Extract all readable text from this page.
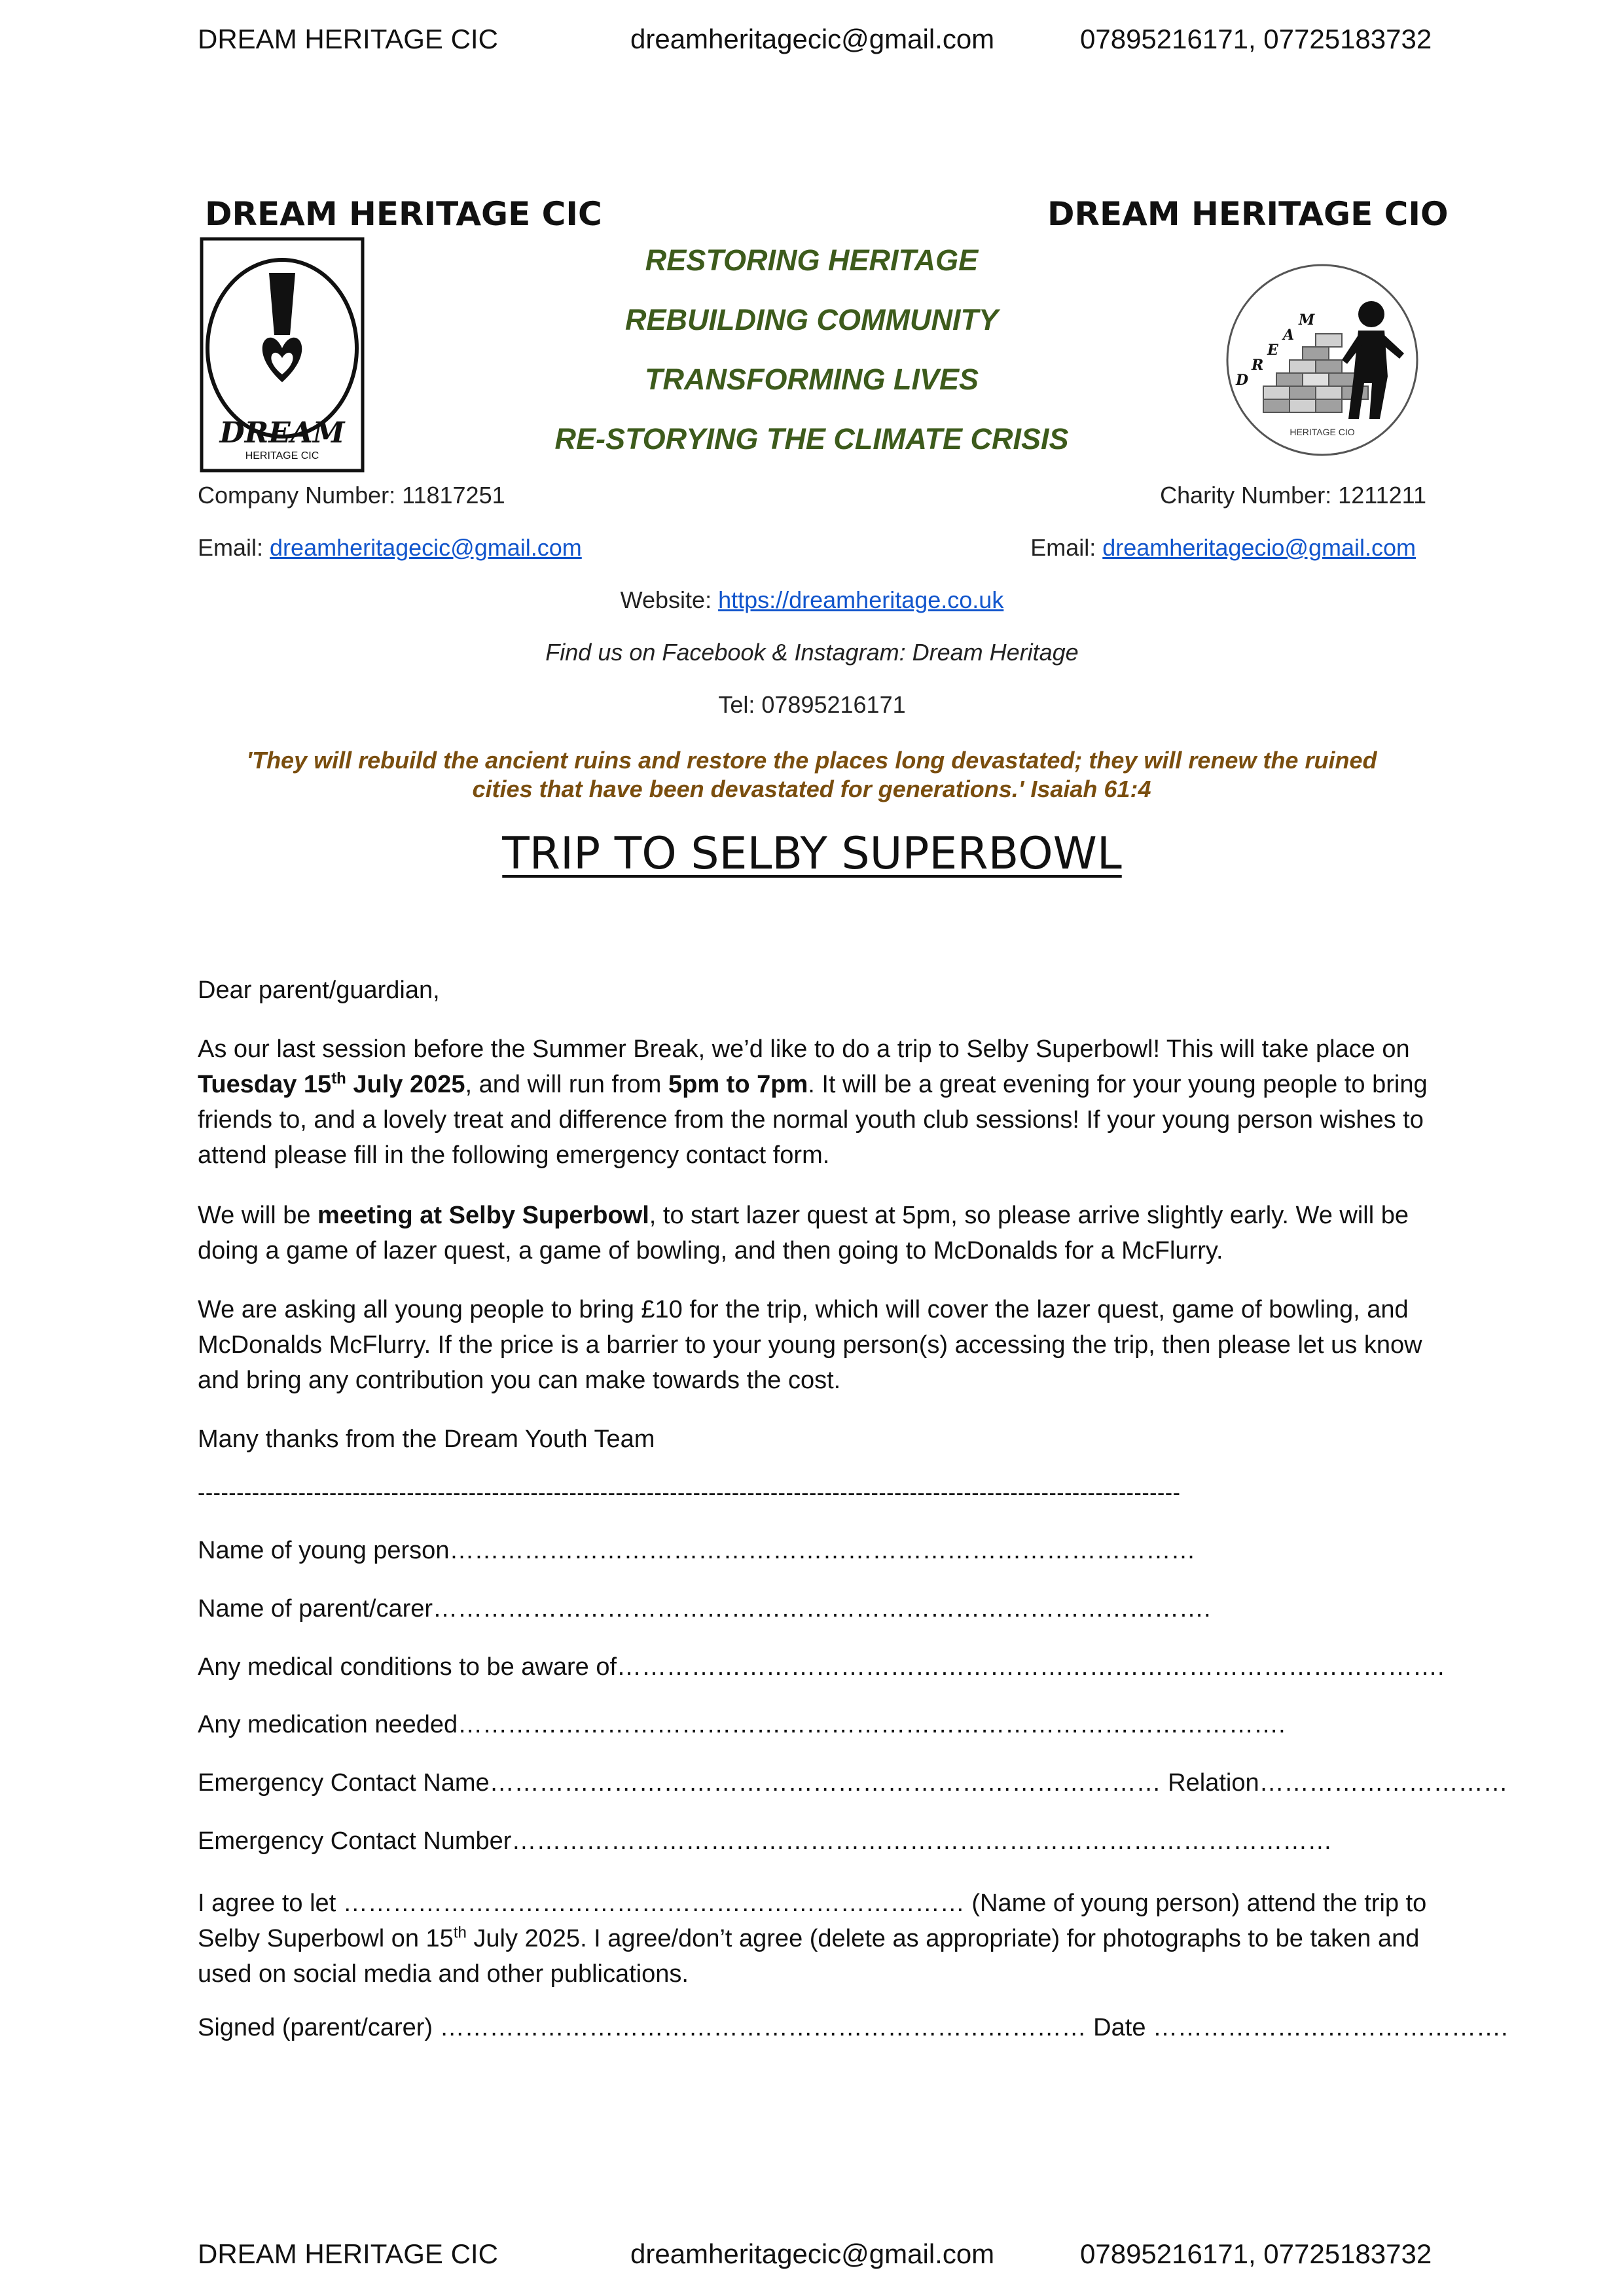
DREAM HERITAGE CIC	dreamheritagecic@gmail.com	07895216171, 07725183732
DREAM HERITAGE CIC	DREAM HERITAGE CIO
DREAM
HERITAGE CIC
D
R
E
A
M
HERITAGE CIO
RESTORING HERITAGE
REBUILDING COMMUNITY
TRANSFORMING LIVES
RE-STORYING THE CLIMATE CRISIS
Company Number: 11817251	Charity Number: 1211211
Email: dreamheritagecic@gmail.com	Email: dreamheritagecio@gmail.com
Website: https://dreamheritage.co.uk
Find us on Facebook & Instagram: Dream Heritage
Tel: 07895216171
'They will rebuild the ancient ruins and restore the places long devastated; they will renew the ruined
cities that have been devastated for generations.' Isaiah 61:4
TRIP TO SELBY SUPERBOWL
Dear parent/guardian,

As our last session before the Summer Break, we’d like to do a trip to Selby Superbowl! This will take place on Tuesday 15th July 2025, and will run from 5pm to 7pm. It will be a great evening for your young people to bring friends to, and a lovely treat and difference from the normal youth club sessions! If your young person wishes to attend please fill in the following emergency contact form.

We will be meeting at Selby Superbowl, to start lazer quest at 5pm, so please arrive slightly early. We will be doing a game of lazer quest, a game of bowling, and then going to McDonalds for a McFlurry.

We are asking all young people to bring £10 for the trip, which will cover the lazer quest, game of bowling, and McDonalds McFlurry. If the price is a barrier to your young person(s) accessing the trip, then please let us know and bring any contribution you can make towards the cost.
Many thanks from the Dream Youth Team
-------------------------------------------------------------------------------------------------------------------------------
Name of young person………………………………………………………………………………
Name of parent/carer………………………………………………………………………………….
Any medical conditions to be aware of……………………………………………………………………………………….
Any medication needed……………………………………………………………………………………….
Emergency Contact Name……………………………………………………………………… Relation…………………………
Emergency Contact Number………………………………………………………………………………………

I agree to let ………………………………………………………………… (Name of young person) attend the trip to Selby Superbowl on 15th July 2025. I agree/don’t agree (delete as appropriate) for photographs to be taken and used on social media and other publications.

Signed (parent/carer) …………………………………………………………………… Date …………………………………….
DREAM HERITAGE CIC	dreamheritagecic@gmail.com	07895216171, 07725183732
